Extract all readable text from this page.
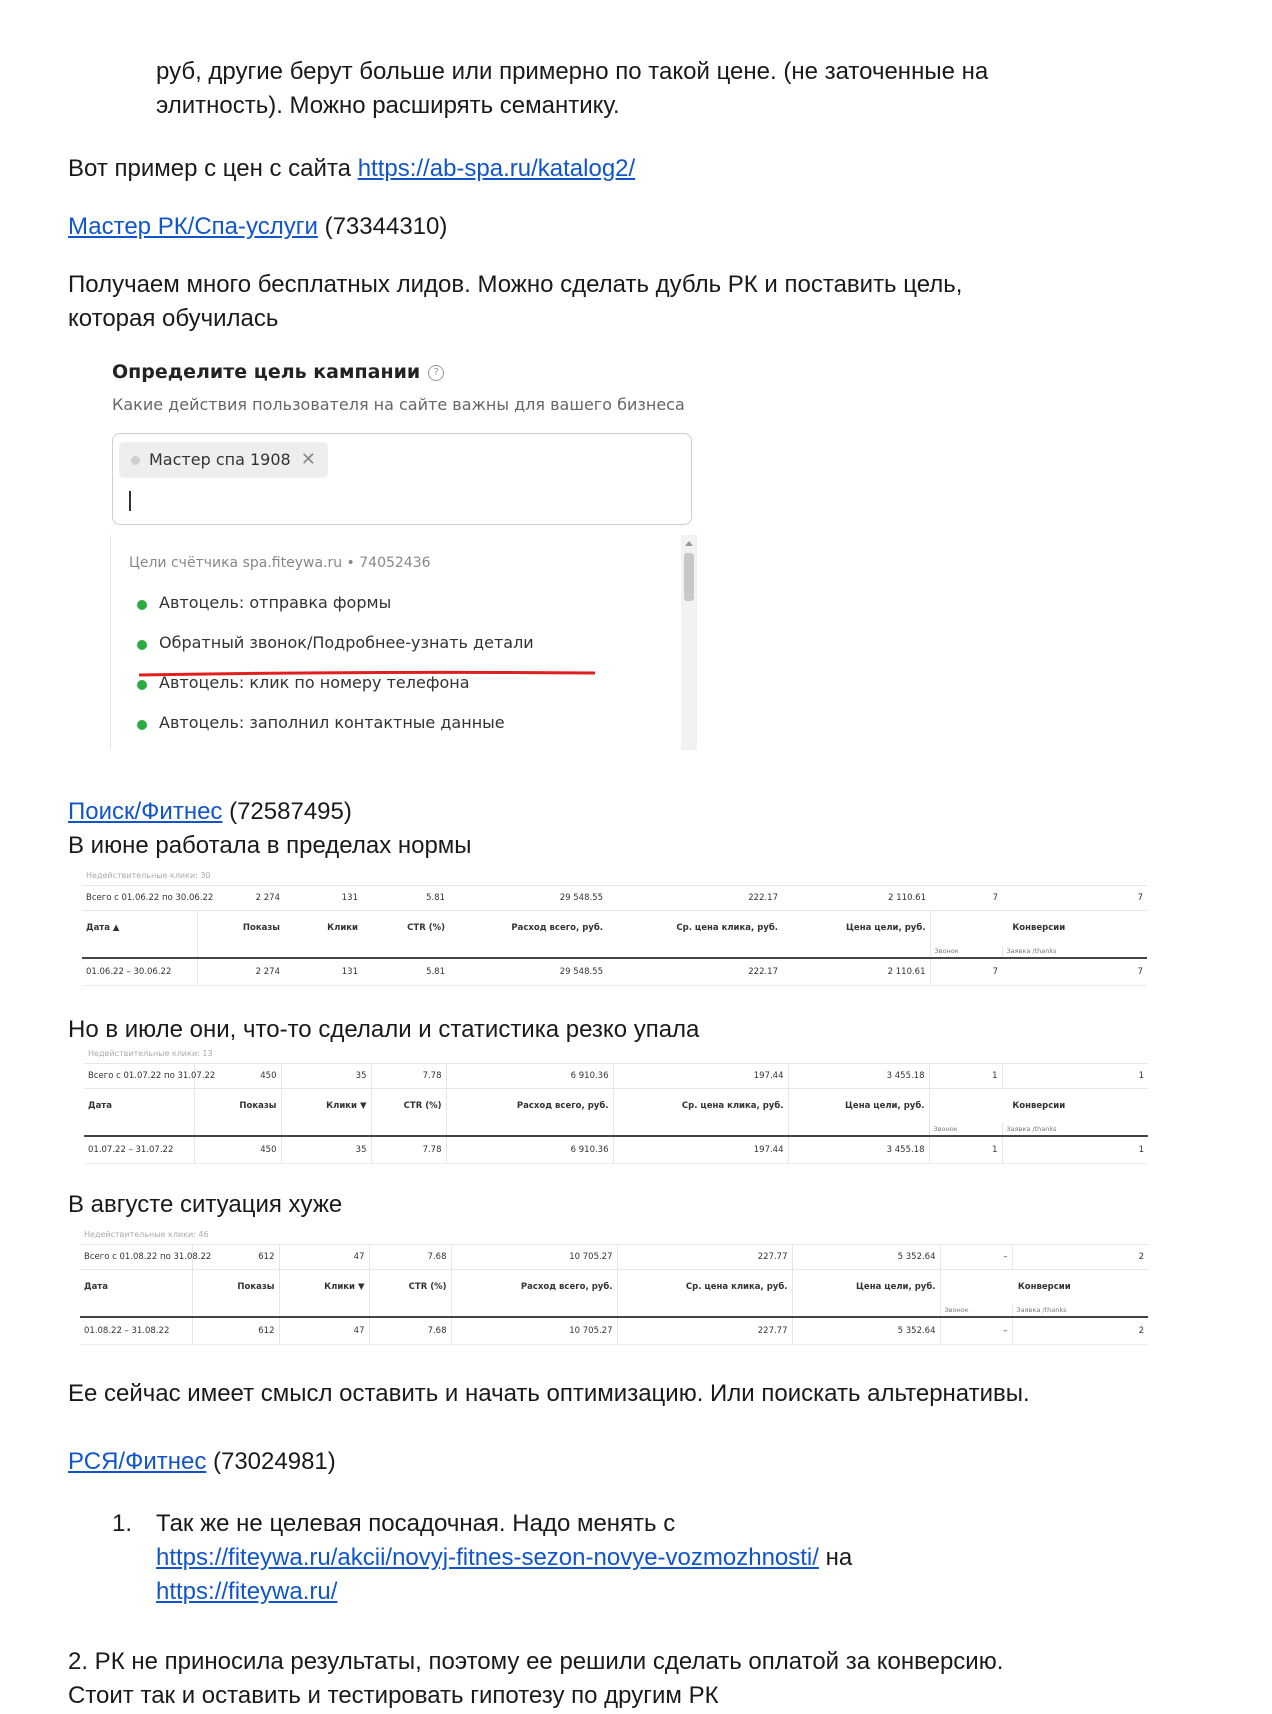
руб, другие берут больше или примерно по такой цене. (не заточенные на

элитность). Можно расширять семантику.

Вот пример с цен с сайта https://ab-spa.ru/katalog2/

Мастер РК/Спа-услуги (73344310)

Получаем много бесплатных лидов. Можно сделать дубль РК и поставить цель,

которая обучилась

Определите цель кампании ?
Какие действия пользователя на сайте важны для вашего бизнеса
Мастер спа 1908 ✕
Цели счётчика spa.fiteywa.ru • 74052436
Автоцель: отправка формы
Обратный звонок/Подробнее-узнать детали
Автоцель: клик по номеру телефона
Автоцель: заполнил контактные данные

Поиск/Фитнес (72587495)

В июне работала в пределах нормы

Недействительные клики: 30
Всего с 01.06.22 по 30.06.22	2 274	131	5.81	29 548.55	222.17	2 110.61	7	7
Дата ▲	Показы	Клики	CTR (%)	Расход всего, руб.	Ср. цена клика, руб.	Цена цели, руб.	Конверсии	
							Звонок	Заявка /thanks
01.06.22 – 30.06.22	2 274	131	5.81	29 548.55	222.17	2 110.61	7	7

Но в июле они, что-то сделали и статистика резко упала

Недействительные клики: 13
Всего с 01.07.22 по 31.07.22	450	35	7.78	6 910.36	197.44	3 455.18	1	1
Дата	Показы	Клики ▼	CTR (%)	Расход всего, руб.	Ср. цена клика, руб.	Цена цели, руб.	Конверсии	
							Звонок	Заявка /thanks
01.07.22 – 31.07.22	450	35	7.78	6 910.36	197.44	3 455.18	1	1

В августе ситуация хуже

Недействительные клики: 46
Всего с 01.08.22 по 31.08.22	612	47	7.68	10 705.27	227.77	5 352.64	–	2
Дата	Показы	Клики ▼	CTR (%)	Расход всего, руб.	Ср. цена клика, руб.	Цена цели, руб.	Конверсии	
							Звонок	Заявка /thanks
01.08.22 – 31.08.22	612	47	7.68	10 705.27	227.77	5 352.64	–	2

Ее сейчас имеет смысл оставить и начать оптимизацию. Или поискать альтернативы.

РСЯ/Фитнес (73024981)

1. Так же не целевая посадочная. Надо менять с

https://fiteywa.ru/akcii/novyj-fitnes-sezon-novye-vozmozhnosti/ на

https://fiteywa.ru/

2. РК не приносила результаты, поэтому ее решили сделать оплатой за конверсию.

Стоит так и оставить и тестировать гипотезу по другим РК
